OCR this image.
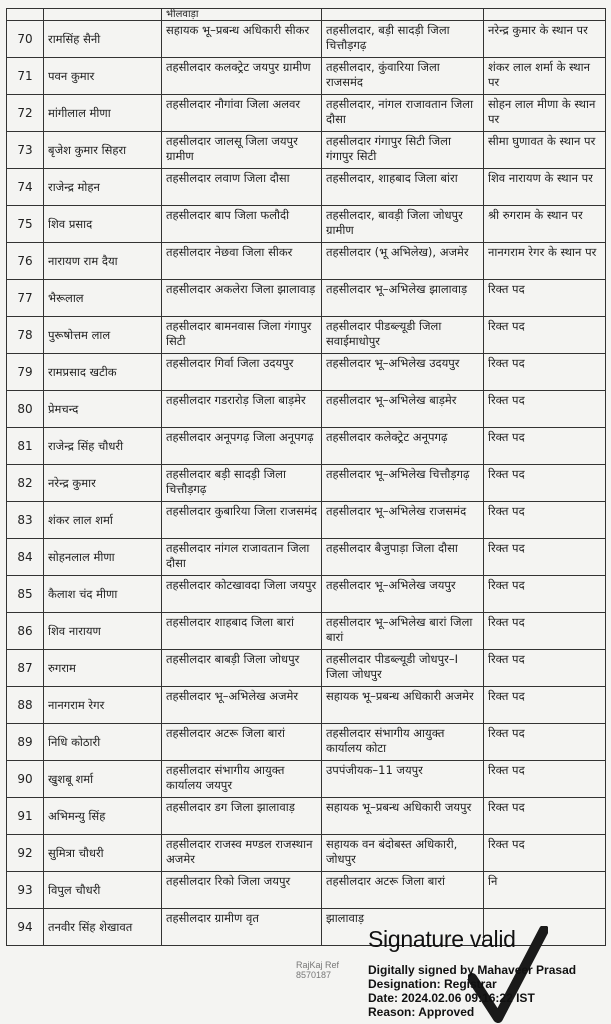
		भीलवाड़ा		
70	रामसिंह सैनी	सहायक भू–प्रबन्ध अधिकारी सीकर	तहसीलदार, बड़ी सादड़ी जिला चित्तौड़गढ़	नरेन्द्र कुमार के स्थान पर
71	पवन कुमार	तहसीलदार कलक्ट्रेट जयपुर ग्रामीण	तहसीलदार, कुंवारिया जिला राजसमंद	शंकर लाल शर्मा के स्थान पर
72	मांगीलाल मीणा	तहसीलदार नौगांवा जिला अलवर	तहसीलदार, नांगल राजावतान जिला दौसा	सोहन लाल मीणा के स्थान पर
73	बृजेश कुमार सिहरा	तहसीलदार जालसू जिला जयपुर ग्रामीण	तहसीलदार गंगापुर सिटी जिला गंगापुर सिटी	सीमा घुणावत के स्थान पर
74	राजेन्द्र मोहन	तहसीलदार लवाण जिला दौसा	तहसीलदार, शाहबाद जिला बांरा	शिव नारायण के स्थान पर
75	शिव प्रसाद	तहसीलदार बाप जिला फलौदी	तहसीलदार, बावड़ी जिला जोधपुर ग्रामीण	श्री रुगराम के स्थान पर
76	नारायण राम दैया	तहसीलदार नेछवा जिला सीकर	तहसीलदार (भू अभिलेख), अजमेर	नानगराम रेगर के स्थान पर
77	भैरूलाल	तहसीलदार अकलेरा जिला झालावाड़	तहसीलदार भू–अभिलेख झालावाड़	रिक्त पद
78	पुरूषोत्तम लाल	तहसीलदार बामनवास जिला गंगापुर सिटी	तहसीलदार पीडब्ल्यूडी जिला सवाईमाधोपुर	रिक्त पद
79	रामप्रसाद खटीक	तहसीलदार गिर्वा जिला उदयपुर	तहसीलदार भू–अभिलेख उदयपुर	रिक्त पद
80	प्रेमचन्द	तहसीलदार गडरारोड़ जिला बाड़मेर	तहसीलदार भू–अभिलेख बाड़मेर	रिक्त पद
81	राजेन्द्र सिंह चौधरी	तहसीलदार अनूपगढ़ जिला अनूपगढ़	तहसीलदार कलेक्ट्रेट अनूपगढ़	रिक्त पद
82	नरेन्द्र कुमार	तहसीलदार बड़ी सादड़ी जिला चित्तौड़गढ़	तहसीलदार भू–अभिलेख चित्तौड़गढ़	रिक्त पद
83	शंकर लाल शर्मा	तहसीलदार कुबारिया जिला राजसमंद	तहसीलदार भू–अभिलेख राजसमंद	रिक्त पद
84	सोहनलाल मीणा	तहसीलदार नांगल राजावतान जिला दौसा	तहसीलदार बैजुपाड़ा जिला दौसा	रिक्त पद
85	कैलाश चंद मीणा	तहसीलदार कोटखावदा जिला जयपुर	तहसीलदार भू–अभिलेख जयपुर	रिक्त पद
86	शिव नारायण	तहसीलदार शाहबाद जिला बारां	तहसीलदार भू–अभिलेख बारां जिला बारां	रिक्त पद
87	रुगराम	तहसीलदार बाबड़ी जिला जोधपुर	तहसीलदार पीडब्ल्यूडी जोधपुर–I जिला जोधपुर	रिक्त पद
88	नानगराम रेगर	तहसीलदार भू–अभिलेख अजमेर	सहायक भू–प्रबन्ध अधिकारी अजमेर	रिक्त पद
89	निधि कोठारी	तहसीलदार अटरू जिला बारां	तहसीलदार संभागीय आयुक्त कार्यालय कोटा	रिक्त पद
90	खुशबू शर्मा	तहसीलदार संभागीय आयुक्त कार्यालय जयपुर	उपपंजीयक–11 जयपुर	रिक्त पद
91	अभिमन्यु सिंह	तहसीलदार डग जिला झालावाड़	सहायक भू–प्रबन्ध अधिकारी जयपुर	रिक्त पद
92	सुमित्रा चौधरी	तहसीलदार राजस्व मण्डल राजस्थान अजमेर	सहायक वन बंदोबस्त अधिकारी, जोधपुर	रिक्त पद
93	विपुल चौधरी	तहसीलदार रिको जिला जयपुर	तहसीलदार अटरू जिला बारां	नि
94	तनवीर सिंह शेखावत	तहसीलदार ग्रामीण वृत	झालावाड़	
RajKaj Ref
8570187
Signature valid
Digitally signed by Mahaveer Prasad
Designation: Registrar
Date: 2024.02.06 09:16:22 IST
Reason: Approved
